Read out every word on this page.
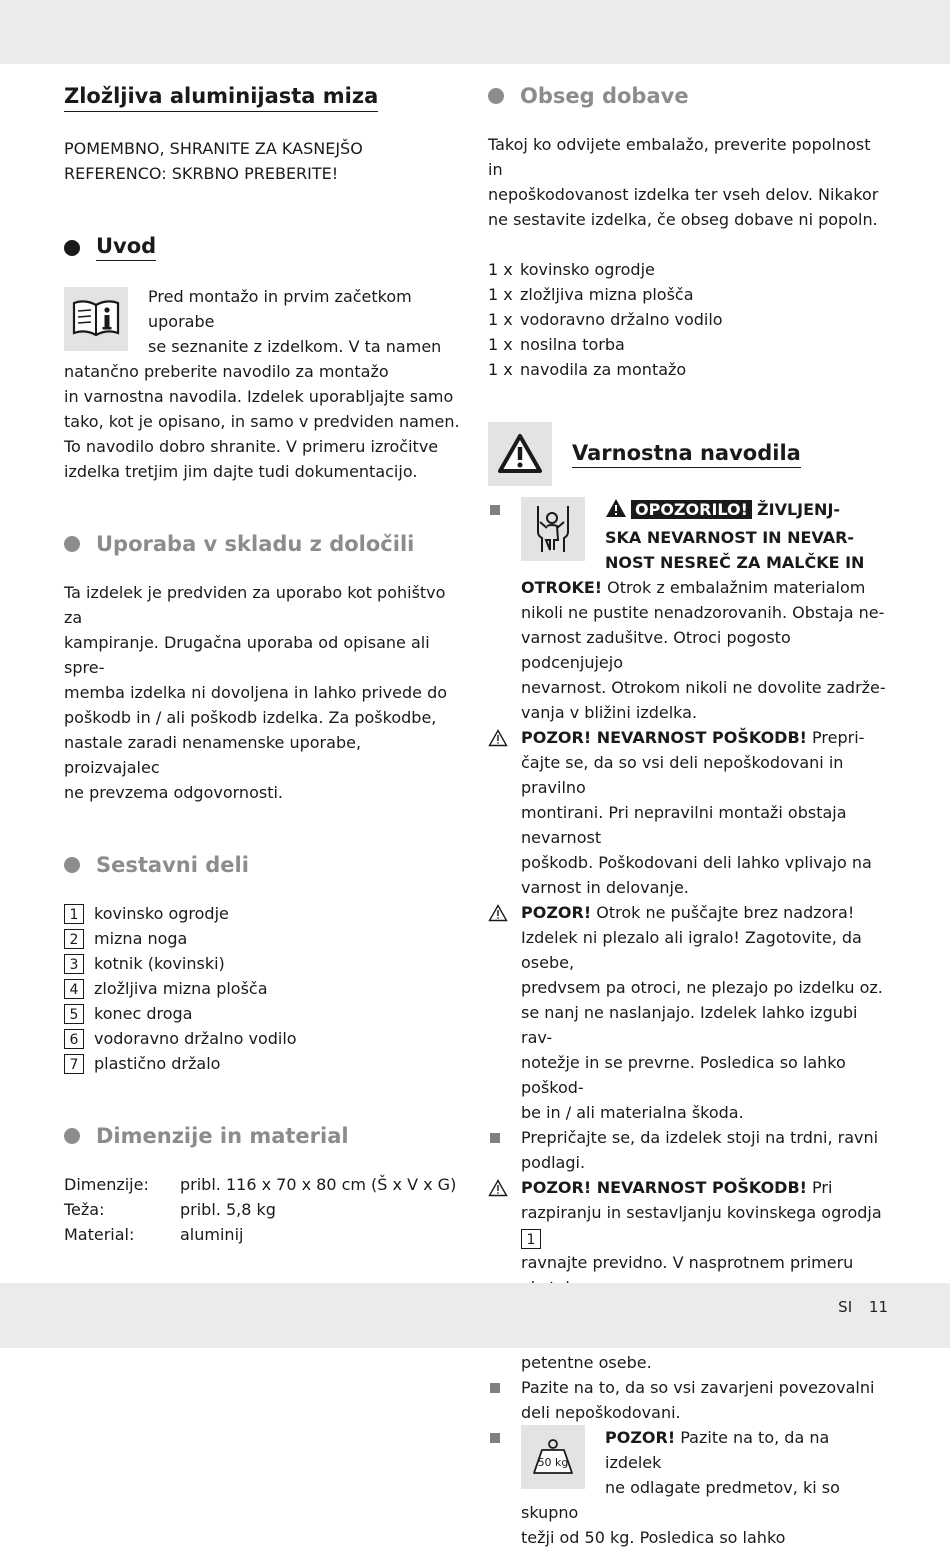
Zložljiva aluminijasta miza

POMEMBNO, SHRANITE ZA KASNEJŠO

REFERENCO: SKRBNO PREBERITE!

Uvod

Pred montažo in prvim začetkom uporabe

se seznanite z izdelkom. V ta namen

natančno preberite navodilo za montažo

in varnostna navodila. Izdelek uporabljajte samo

tako, kot je opisano, in samo v predviden namen.

To navodilo dobro shranite. V primeru izročitve

izdelka tretjim jim dajte tudi dokumentacijo.

Uporaba v skladu z določili

Ta izdelek je predviden za uporabo kot pohištvo za

kampiranje. Drugačna uporaba od opisane ali spre-

memba izdelka ni dovoljena in lahko privede do

poškodb in / ali poškodb izdelka. Za poškodbe,

nastale zaradi nenamenske uporabe, proizvajalec

ne prevzema odgovornosti.

Sestavni deli
1 kovinsko ogrodje
2 mizna noga
3 kotnik (kovinski)
4 zložljiva mizna plošča
5 konec droga
6 vodoravno držalno vodilo
7 plastično držalo
Dimenzije in material
Dimenzije:	pribl. 116 x 70 x 80 cm (Š x V x G)
Teža:	pribl. 5,8 kg
Material:	aluminij
Obseg dobave

Takoj ko odvijete embalažo, preverite popolnost in

nepoškodovanost izdelka ter vseh delov. Nikakor

ne sestavite izdelka, če obseg dobave ni popoln.

1 x kovinsko ogrodje
1 x zložljiva mizna plošča
1 x vodoravno držalno vodilo
1 x nosilna torba
1 x navodila za montažo
Varnostna navodila
OPOZORILO! ŽIVLJENJ-
SKA NEVARNOST IN NEVAR-
NOST NESREČ ZA MALČKE IN
OTROKE! Otrok z embalažnim materialom
nikoli ne pustite nenadzorovanih. Obstaja ne-
varnost zadušitve. Otroci pogosto podcenjujejo
nevarnost. Otrokom nikoli ne dovolite zadrže-
vanja v bližini izdelka.
POZOR! NEVARNOST POŠKODB! Prepri-
čajte se, da so vsi deli nepoškodovani in pravilno
montirani. Pri nepravilni montaži obstaja nevarnost
poškodb. Poškodovani deli lahko vplivajo na
varnost in delovanje.
POZOR! Otrok ne puščajte brez nadzora!
Izdelek ni plezalo ali igralo! Zagotovite, da osebe,
predvsem pa otroci, ne plezajo po izdelku oz.
se nanj ne naslanjajo. Izdelek lahko izgubi rav-
notežje in se prevrne. Posledica so lahko poškod-
be in / ali materialna škoda.
Prepričajte se, da izdelek stoji na trdni, ravni
podlagi.
POZOR! NEVARNOST POŠKODB! Pri
razpiranju in sestavljanju kovinskega ogrodja 1
ravnajte previdno. V nasprotnem primeru
petentne osebe.
Pazite na to, da so vsi zavarjeni povezovalni
deli nepoškodovani.
50 kg
POZOR! Pazite na to, da na izdelek
ne odlagate predmetov, ki so skupno
težji od 50 kg. Posledica so lahko
SI 11
